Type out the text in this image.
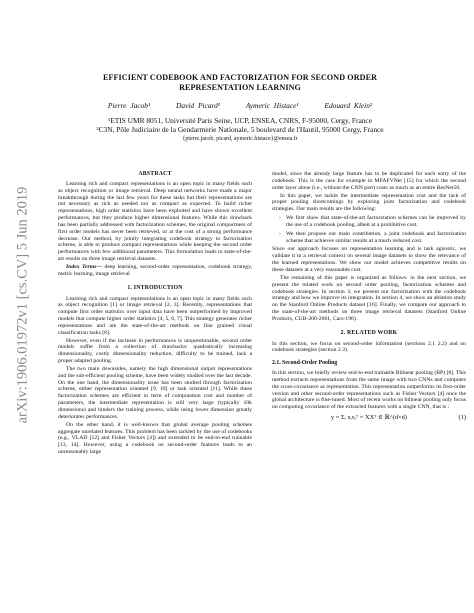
arXiv:1906.01972v1 [cs.CV] 5 Jun 2019

EFFICIENT CODEBOOK AND FACTORIZATION FOR SECOND ORDER
REPRESENTATION LEARNING

Pierre Jacob¹	David Picard¹	Aymeric Histace¹	Edouard Klein²
¹ETIS UMR 8051, Université Paris Seine, UCP, ENSEA, CNRS, F-95000, Cergy, France
²C3N, Pôle Judiciaire de la Gendarmerie Nationale, 5 boulevard de l'Hautil, 95000 Cergy, France
{pierre.jacob, picard, aymeric.histace}@ensea.fr
ABSTRACT

Learning rich and compact representations is an open topic in many fields such as object recognition or image retrieval. Deep neural networks have made a major breakthrough during the last few years for these tasks but their representations are not necessary as rich as needed nor as compact as expected. To build richer representations, high order statistics have been exploited and have shown excellent performances, but they produce higher dimensional features. While this drawback has been partially addressed with factorization schemes, the original compactness of first order models has never been retrieved, or at the cost of a strong performance decrease. Our method, by jointly integrating codebook strategy to factorization scheme, is able to produce compact representations while keeping the second order performances with few additional parameters. This formulation leads to state-of-the-art results on three image retrieval datasets.

Index Terms— deep learning, second-order representation, codebook strategy, metric learning, image retrieval

1. INTRODUCTION

Learning rich and compact representations is an open topic in many fields such as object recognition [1] or image retrieval [2, 3]. Recently, representations that compute first order statistics over input data have been outperformed by improved models that compute higher order statistics [4, 5, 6, 7]. This strategy generates richer representations and are the state-of-the-art methods on fine grained visual classification tasks [8].

However, even if the increase in performances is unquestionable, second order models suffer from a collection of drawbacks: quadratically increasing dimensionality, costly dimensionality reduction, difficulty to be trained, lack a proper adapted pooling.

The two main downsides, namely the high dimensional output representations and the sub-efficient pooling scheme, have been widely studied over the last decade. On the one hand, the dimensionality issue has been studied through factorization scheme, either representation oriented [9, 10] or task oriented [11]. While these factorization schemes are efficient in term of computation cost and number of parameters, the intermediate representation is still very large (typically 10k dimensions) and hinders the training process, while using lower dimension greatly deteriorates performances.

On the other hand, it is well-known that global average pooling schemes aggregate unrelated features. This problem has been tackled by the use of codebooks (e.g., VLAD [12] and Fisher Vectors [4]) and extended to be end-to-end trainable [13, 14]. However, using a codebook on second-order features leads to an unreasonably large

model, since the already large feature has to be duplicated for each entry of the codebook. This is the case for example in MFAFVNet [15] for which the second order layer alone (i.e., without the CNN part) costs as much as an entire ResNet50.

In this paper, we tackle the intermediate representation cost and the lack of proper pooling shortcomings by exploring joint factorization and codebook strategies. Our main results are the following:

- We first show that state-of-the-art factorization schemes can be improved by the use of a codebook pooling, albeit at a prohibitive cost.
- We then propose our main contribution, a joint codebook and factorization scheme that achieves similar results at a much reduced cost.

Since our approach focuses on representation learning and is task agnostic, we validate it in a retrieval context on several image datasets to show the relevance of the learned representations. We show our model achieves competitive results on these datasets at a very reasonable cost.

The remaining of this paper is organized as follows: in the next section, we present the related work on second order pooling, factorization schemes and codebook strategies. In section 3, we present our factorization with the codebook strategy and how we improve its integration. In section 4, we show an ablation study on the Stanford Online Products dataset [16]. Finally, we compare our approach to the state-of-the-art methods on three image retrieval datasets (Stanford Online Products, CUB-200-2001, Cars-196).

2. RELATED WORK

In this section, we focus on second-order information (sections 2.1 2.2) and on codebook strategies (section 2.3).

2.1. Second-Order Pooling

In this section, we briefly review end-to-end trainable Bilinear pooling (BP) [8]. This method extracts representations from the same image with two CNNs and computes the cross-covariance as representation. This representation outperforms its first-order version and other second-order representations such as Fisher Vectors [4] once the global architecture is fine-tuned. Most of recent works on bilinear pooling only focus on computing covariance of the extracted features with a single CNN, that is :

y = Σᵢ xᵢxᵢᵀ = XXᵀ ∈ ℝ^(d×d)	(1)
